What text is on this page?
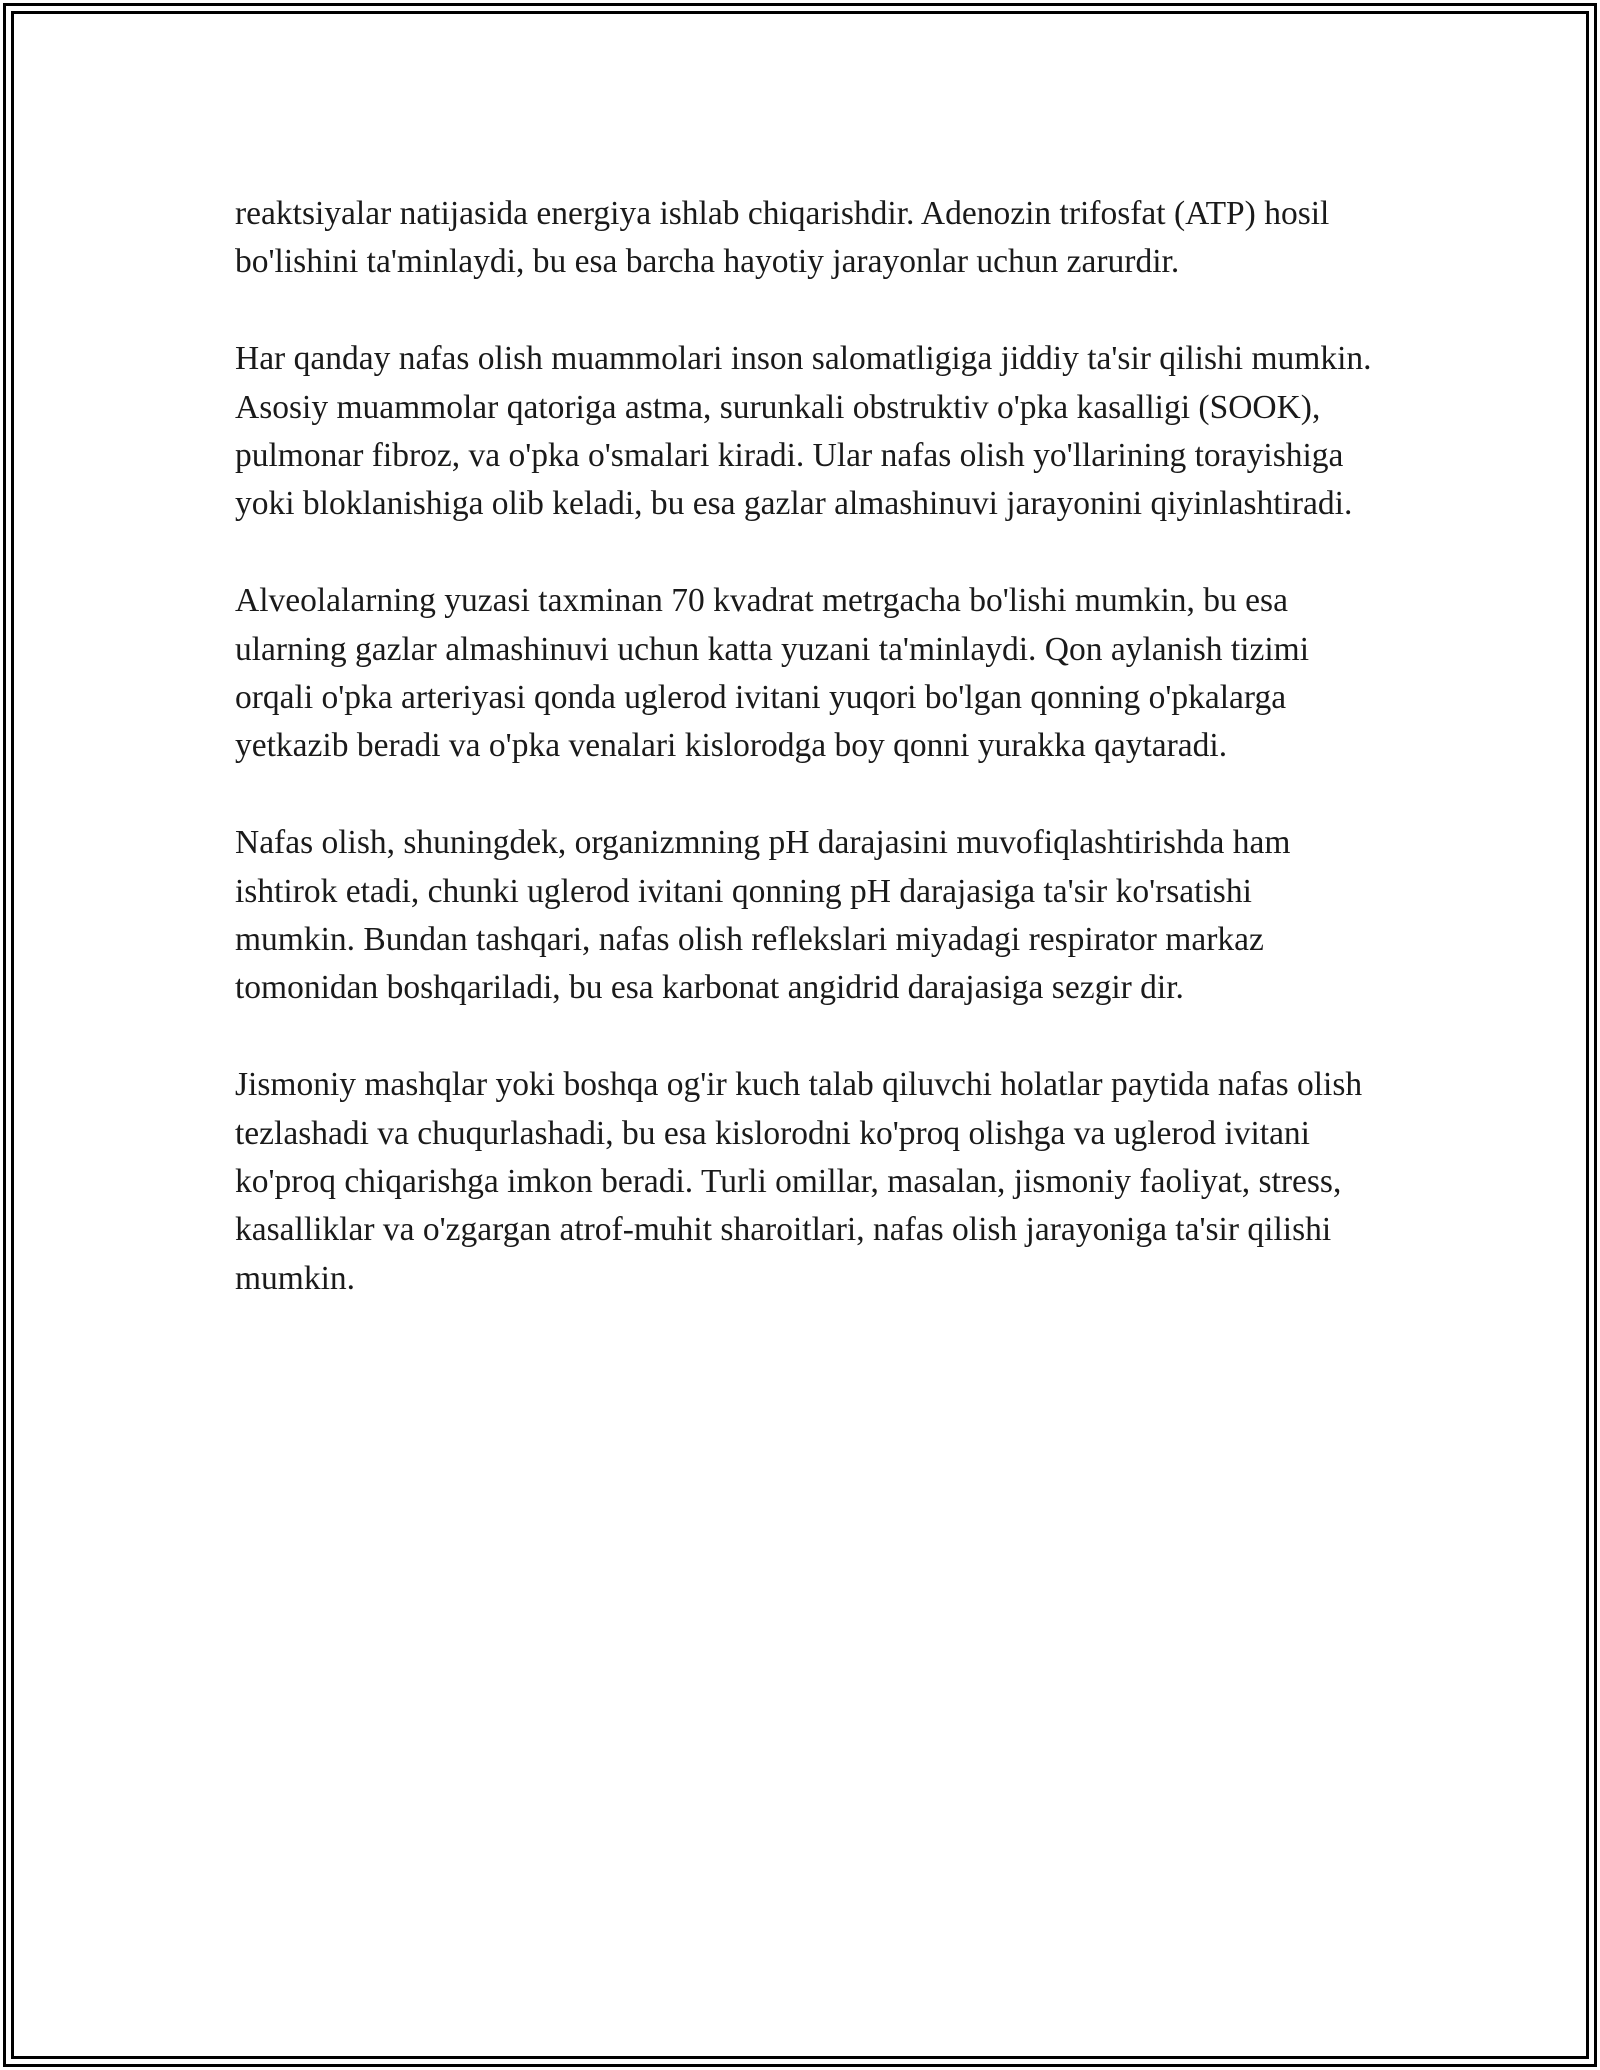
reaktsiyalar natijasida energiya ishlab chiqarishdir. Adenozin trifosfat (ATP) hosil bo'lishini ta'minlaydi, bu esa barcha hayotiy jarayonlar uchun zarurdir.

Har qanday nafas olish muammolari inson salomatligiga jiddiy ta'sir qilishi mumkin. Asosiy muammolar qatoriga astma, surunkali obstruktiv o'pka kasalligi (SOOK), pulmonar fibroz, va o'pka o'smalari kiradi. Ular nafas olish yo'llarining torayishiga yoki bloklanishiga olib keladi, bu esa gazlar almashinuvi jarayonini qiyinlashtiradi.

Alveolalarning yuzasi taxminan 70 kvadrat metrgacha bo'lishi mumkin, bu esa ularning gazlar almashinuvi uchun katta yuzani ta'minlaydi. Qon aylanish tizimi orqali o'pka arteriyasi qonda uglerod ivitani yuqori bo'lgan qonning o'pkalarga yetkazib beradi va o'pka venalari kislorodga boy qonni yurakka qaytaradi.

Nafas olish, shuningdek, organizmning pH darajasini muvofiqlashtirishda ham ishtirok etadi, chunki uglerod ivitani qonning pH darajasiga ta'sir ko'rsatishi mumkin. Bundan tashqari, nafas olish reflekslari miyadagi respirator markaz tomonidan boshqariladi, bu esa karbonat angidrid darajasiga sezgir dir.

Jismoniy mashqlar yoki boshqa og'ir kuch talab qiluvchi holatlar paytida nafas olish tezlashadi va chuqurlashadi, bu esa kislorodni ko'proq olishga va uglerod ivitani ko'proq chiqarishga imkon beradi. Turli omillar, masalan, jismoniy faoliyat, stress, kasalliklar va o'zgargan atrof-muhit sharoitlari, nafas olish jarayoniga ta'sir qilishi mumkin.
